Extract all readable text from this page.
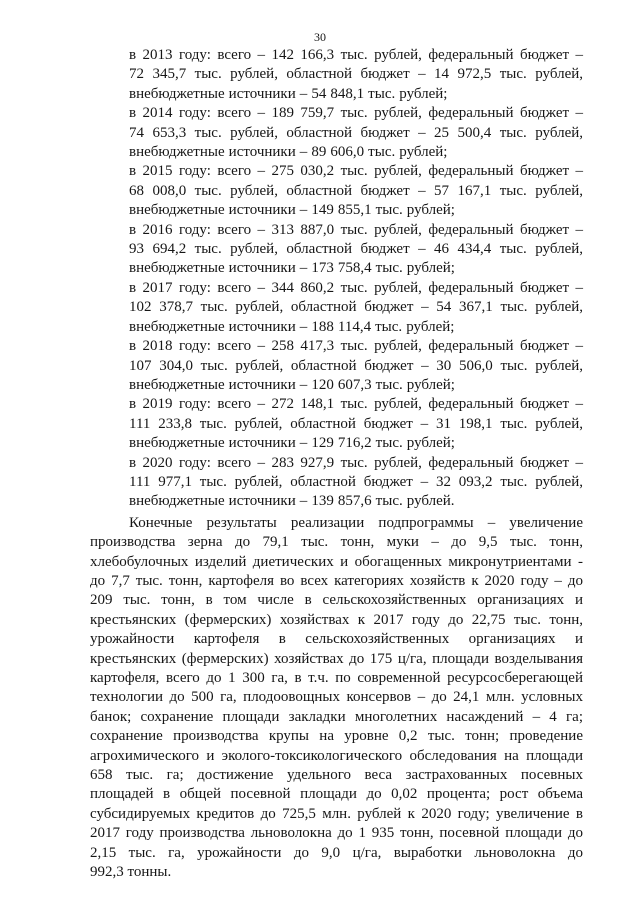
30
в 2013 году: всего – 142 166,3 тыс. рублей, федеральный бюджет –
72 345,7 тыс. рублей, областной бюджет – 14 972,5 тыс. рублей,
внебюджетные источники – 54 848,1 тыс. рублей;
в 2014 году: всего – 189 759,7 тыс. рублей, федеральный бюджет –
74 653,3 тыс. рублей, областной бюджет – 25 500,4 тыс. рублей,
внебюджетные источники – 89 606,0 тыс. рублей;
в 2015 году: всего – 275 030,2 тыс. рублей, федеральный бюджет –
68 008,0 тыс. рублей, областной бюджет – 57 167,1 тыс. рублей,
внебюджетные источники – 149 855,1 тыс. рублей;
в 2016 году: всего – 313 887,0 тыс. рублей, федеральный бюджет –
93 694,2 тыс. рублей, областной бюджет – 46 434,4 тыс. рублей,
внебюджетные источники – 173 758,4 тыс. рублей;
в 2017 году: всего – 344 860,2 тыс. рублей, федеральный бюджет –
102 378,7 тыс. рублей, областной бюджет – 54 367,1 тыс. рублей,
внебюджетные источники – 188 114,4 тыс. рублей;
в 2018 году: всего – 258 417,3 тыс. рублей, федеральный бюджет –
107 304,0 тыс. рублей, областной бюджет – 30 506,0 тыс. рублей,
внебюджетные источники – 120 607,3 тыс. рублей;
в 2019 году: всего – 272 148,1 тыс. рублей, федеральный бюджет –
111 233,8 тыс. рублей, областной бюджет – 31 198,1 тыс. рублей,
внебюджетные источники – 129 716,2 тыс. рублей;
в 2020 году: всего – 283 927,9 тыс. рублей, федеральный бюджет –
111 977,1 тыс. рублей, областной бюджет – 32 093,2 тыс. рублей,
внебюджетные источники – 139 857,6 тыс. рублей.
Конечные результаты реализации подпрограммы – увеличение
производства зерна до 79,1 тыс. тонн, муки – до 9,5 тыс. тонн,
хлебобулочных изделий диетических и обогащенных микронутриентами -
до 7,7 тыс. тонн, картофеля во всех категориях хозяйств к 2020 году – до
209 тыс. тонн, в том числе в сельскохозяйственных организациях и
крестьянских (фермерских) хозяйствах к 2017 году до 22,75 тыс. тонн,
урожайности картофеля в сельскохозяйственных организациях и
крестьянских (фермерских) хозяйствах до 175 ц/га, площади возделывания
картофеля, всего до 1 300 га, в т.ч. по современной ресурсосберегающей
технологии до 500 га, плодоовощных консервов – до 24,1 млн. условных
банок; сохранение площади закладки многолетних насаждений – 4 га;
сохранение производства крупы на уровне 0,2 тыс. тонн; проведение
агрохимического и эколого-токсикологического обследования на площади
658 тыс. га; достижение удельного веса застрахованных посевных
площадей в общей посевной площади до 0,02 процента; рост объема
субсидируемых кредитов до 725,5 млн. рублей к 2020 году; увеличение в
2017 году производства льноволокна до 1 935 тонн, посевной площади до
2,15 тыс. га, урожайности до 9,0 ц/га, выработки льноволокна до
992,3 тонны.
